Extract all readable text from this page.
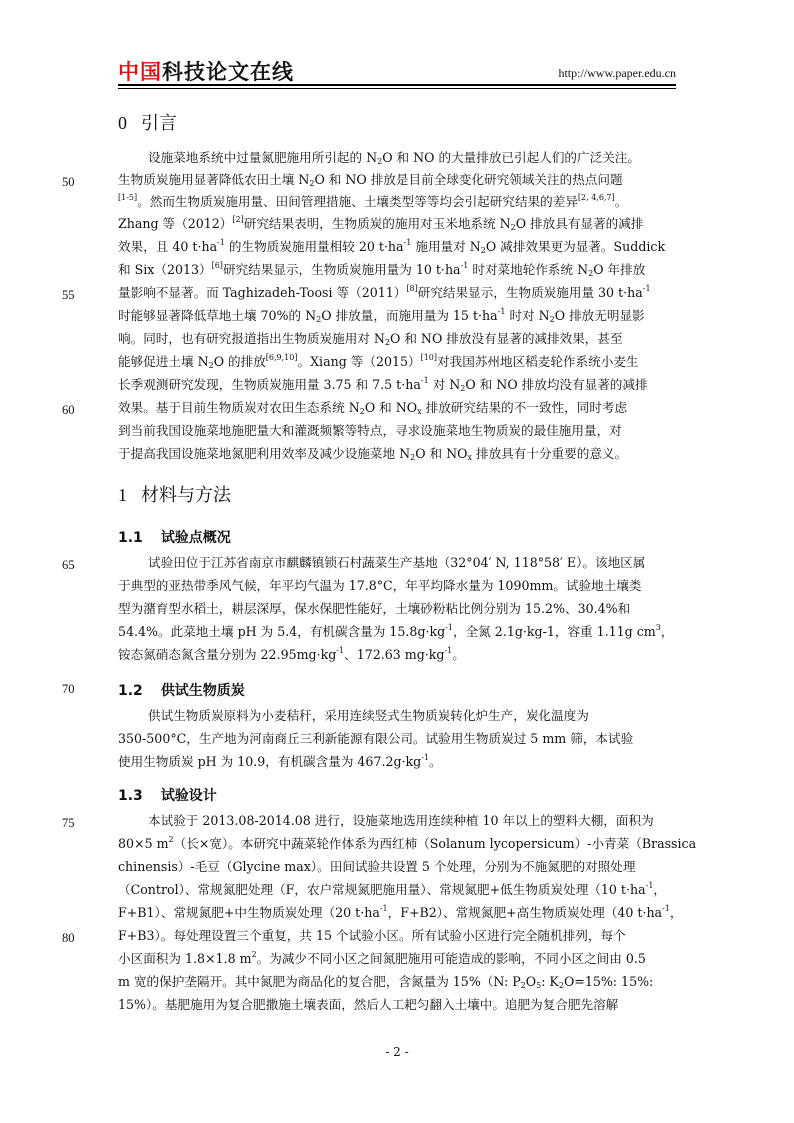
中国科技论文在线	http://www.paper.edu.cn
0 引言
设施菜地系统中过量氮肥施用所引起的 $N_2O$ 和 NO 的大量排放已引起人们的广泛关注。
生物质炭施用显著降低农田土壤 $N_2O$ 和 NO 排放是目前全球变化研究领域关注的热点问题
[1-5]。然而生物质炭施用量、田间管理措施、土壤类型等等均会引起研究结果的差异[2, 4,6,7]。
Zhang 等（2012）[2]研究结果表明，生物质炭的施用对玉米地系统 $N_2O$ 排放具有显著的减排
效果，且 40 $t\cdot ha^{-1}$ 的生物质炭施用量相较 20 $t\cdot ha^{-1}$ 施用量对 $N_2O$ 减排效果更为显著。Suddick
和 Six（2013）[6]研究结果显示，生物质炭施用量为 10 $t\cdot ha^{-1}$ 时对菜地轮作系统 $N_2O$ 年排放
量影响不显著。而 Taghizadeh-Toosi 等（2011）[8]研究结果显示，生物质炭施用量 30 $t\cdot ha^{-1}$
时能够显著降低草地土壤 70%的 $N_2O$ 排放量，而施用量为 15 $t\cdot ha^{-1}$ 时对 $N_2O$ 排放无明显影
响。同时，也有研究报道指出生物质炭施用对 $N_2O$ 和 NO 排放没有显著的减排效果，甚至
能够促进土壤 $N_2O$ 的排放[6,9,10]。Xiang 等（2015）[10]对我国苏州地区稻麦轮作系统小麦生
长季观测研究发现，生物质炭施用量 3.75 和 7.5 $t\cdot ha^{-1}$ 对 $N_2O$ 和 NO 排放均没有显著的减排
效果。基于目前生物质炭对农田生态系统 $N_2O$ 和 $NO_x$ 排放研究结果的不一致性，同时考虑
到当前我国设施菜地施肥量大和灌溉频繁等特点，寻求设施菜地生物质炭的最佳施用量，对
于提高我国设施菜地氮肥利用效率及减少设施菜地 $N_2O$ 和 $NO_x$ 排放具有十分重要的意义。
1 材料与方法
1.1 试验点概况
试验田位于江苏省南京市麒麟镇锁石村蔬菜生产基地（32°04′ N, 118°58′ E）。该地区属
于典型的亚热带季风气候，年平均气温为 17.8°C，年平均降水量为 1090mm。试验地土壤类
型为潴育型水稻土，耕层深厚，保水保肥性能好，土壤砂粉粘比例分别为 15.2%、30.4%和
54.4%。此菜地土壤 pH 为 5.4，有机碳含量为 $15.8g\cdot kg^{-1}$，全氮 2.1g·kg-1，容重 1.11g $cm^3$，
铵态氮硝态氮含量分别为 $22.95mg\cdot kg^{-1}$、172.63 $mg\cdot kg^{-1}$。
1.2 供试生物质炭
供试生物质炭原料为小麦秸秆，采用连续竖式生物质炭转化炉生产，炭化温度为
350-500°C，生产地为河南商丘三利新能源有限公司。试验用生物质炭过 5 mm 筛，本试验
使用生物质炭 pH 为 10.9，有机碳含量为 $467.2g\cdot kg^{-1}$。
1.3 试验设计
本试验于 2013.08-2014.08 进行，设施菜地选用连续种植 10 年以上的塑料大棚，面积为
80×5 $m^2$（长×宽）。本研究中蔬菜轮作体系为西红柿（Solanum lycopersicum）-小青菜（Brassica
chinensis）-毛豆（Glycine max）。田间试验共设置 5 个处理，分别为不施氮肥的对照处理
（Control）、常规氮肥处理（F，农户常规氮肥施用量）、常规氮肥+低生物质炭处理（10 $t\cdot ha^{-1}$，
F+B1）、常规氮肥+中生物质炭处理（20 $t\cdot ha^{-1}$，F+B2）、常规氮肥+高生物质炭处理（40 $t\cdot ha^{-1}$，
F+B3）。每处理设置三个重复，共 15 个试验小区。所有试验小区进行完全随机排列，每个
小区面积为 1.8×1.8 $m^2$。为减少不同小区之间氮肥施用可能造成的影响，不同小区之间由 0.5
m 宽的保护垄隔开。其中氮肥为商品化的复合肥，含氮量为 15%（N: $P_2O_5$: $K_2O=15\%$: 15%:
15%）。基肥施用为复合肥撒施土壤表面，然后人工耙匀翻入土壤中。追肥为复合肥先溶解
50
55
60
65
70
75
80
- 2 -
